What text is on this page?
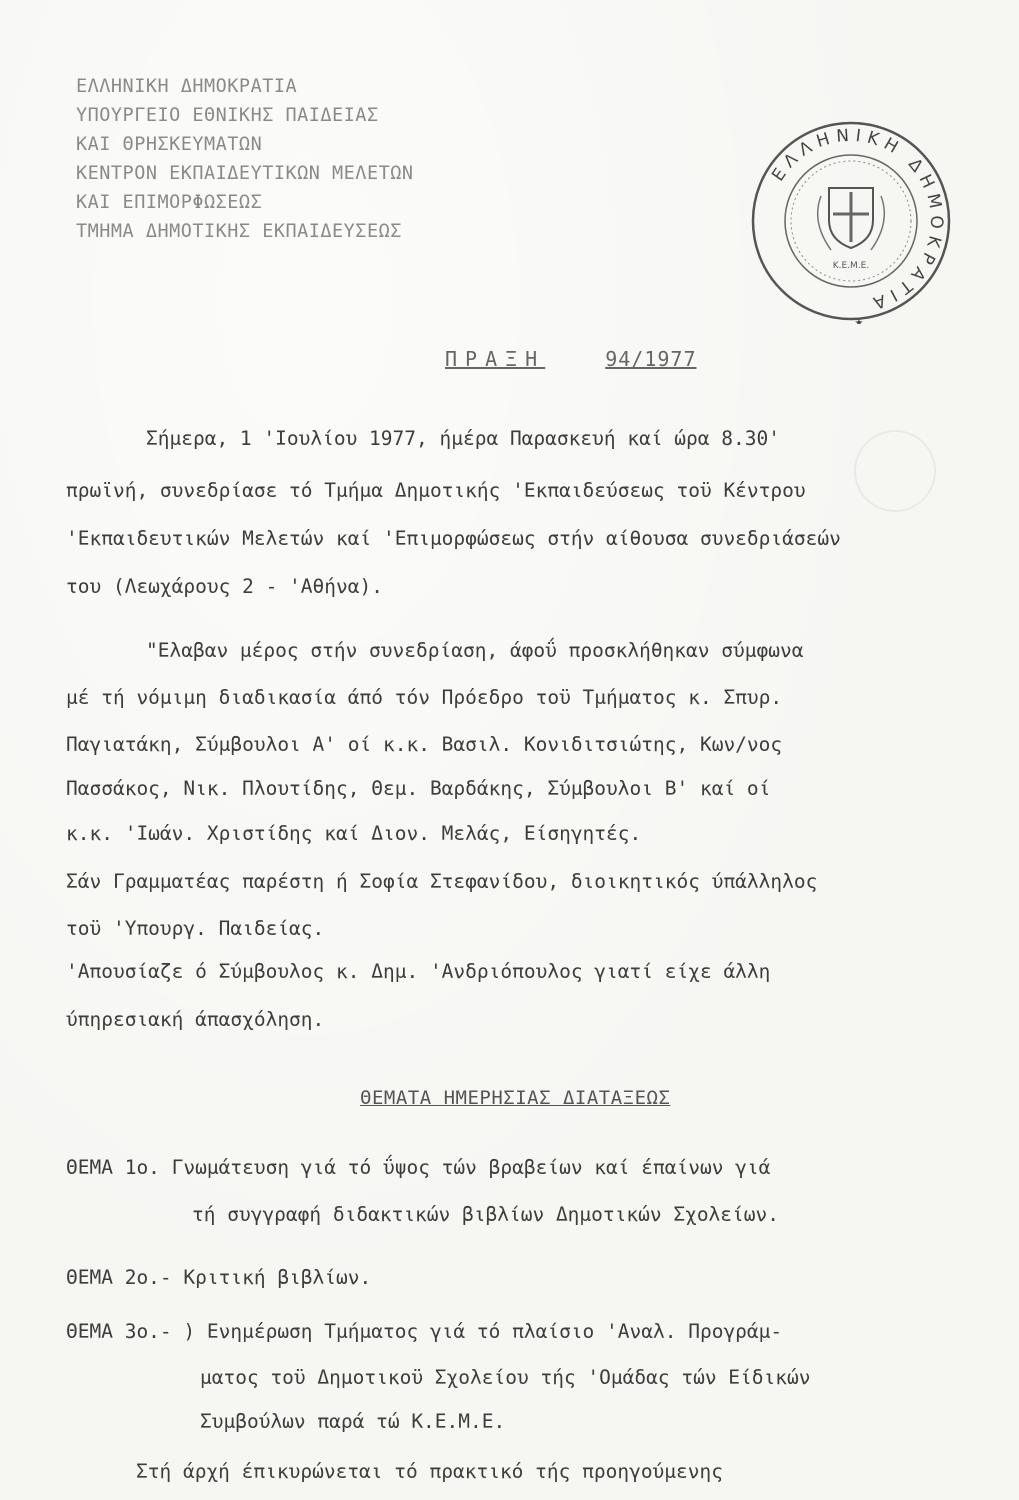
ΕΛΛΗΝΙΚΗ ΔΗΜΟΚΡΑΤΙΑ
ΥΠΟΥΡΓΕΙΟ ΕΘΝΙΚΗΣ ΠΑΙΔΕΙΑΣ
ΚΑΙ ΘΡΗΣΚΕΥΜΑΤΩΝ
ΚΕΝΤΡΟΝ ΕΚΠΑΙΔΕΥΤΙΚΩΝ ΜΕΛΕΤΩΝ
ΚΑΙ ΕΠΙΜΟΡΦΩΣΕΩΣ
ΤΜΗΜΑ ΔΗΜΟΤΙΚΗΣ ΕΚΠΑΙΔΕΥΣΕΩΣ
ΕΛΛΗΝΙΚΗ ΔΗΜΟΚΡΑΤΙΑ
Κ.Ε.Μ.Ε.
★
ΠΡΑΞΗ	94/1977
Σήμερα, 1 'Ιουλίου 1977, ήμέρα Παρασκευή καί ώρα 8.30'
πρωϊνή, συνεδρίασε τό Τμήμα Δημοτικής 'Εκπαιδεύσεως τοϋ Κέντρου
'Εκπαιδευτικών Μελετών καί 'Επιμορφώσεως στήν αίθουσα συνεδριάσεών
του (Λεωχάρους 2 - 'Αθήνα).
"Ελαβαν μέρος στήν συνεδρίαση, άφοΰ προσκλήθηκαν σύμφωνα
μέ τή νόμιμη διαδικασία άπό τόν Πρόεδρο τοϋ Τμήματος κ. Σπυρ.
Παγιατάκη, Σύμβουλοι Α' οί κ.κ. Βασιλ. Κονιδιτσιώτης, Κων/νος
Πασσάκος, Νικ. Πλουτίδης, Θεμ. Βαρδάκης, Σύμβουλοι Β' καί οί
κ.κ. 'Ιωάν. Χριστίδης καί Διον. Μελάς, Είσηγητές.
Σάν Γραμματέας παρέστη ή Σοφία Στεφανίδου, διοικητικός ύπάλληλος
τοϋ 'Υπουργ. Παιδείας.
'Απουσίαζε ό Σύμβουλος κ. Δημ. 'Ανδριόπουλος γιατί είχε άλλη
ύπηρεσιακή άπασχόληση.
ΘΕΜΑΤΑ ΗΜΕΡΗΣΙΑΣ ΔΙΑΤΑΞΕΩΣ
ΘΕΜΑ 1ο. Γνωμάτευση γιά τό ΰψος τών βραβείων καί έπαίνων γιά
τή συγγραφή διδακτικών βιβλίων Δημοτικών Σχολείων.
ΘΕΜΑ 2ο.- Κριτική βιβλίων.
ΘΕΜΑ 3ο.- ) Ενημέρωση Τμήματος γιά τό πλαίσιο 'Αναλ. Προγράμ-
ματος τοϋ Δημοτικοϋ Σχολείου τής 'Ομάδας τών Είδικών
Συμβούλων παρά τώ Κ.Ε.Μ.Ε.
Στή άρχή έπικυρώνεται τό πρακτικό τής προηγούμενης
